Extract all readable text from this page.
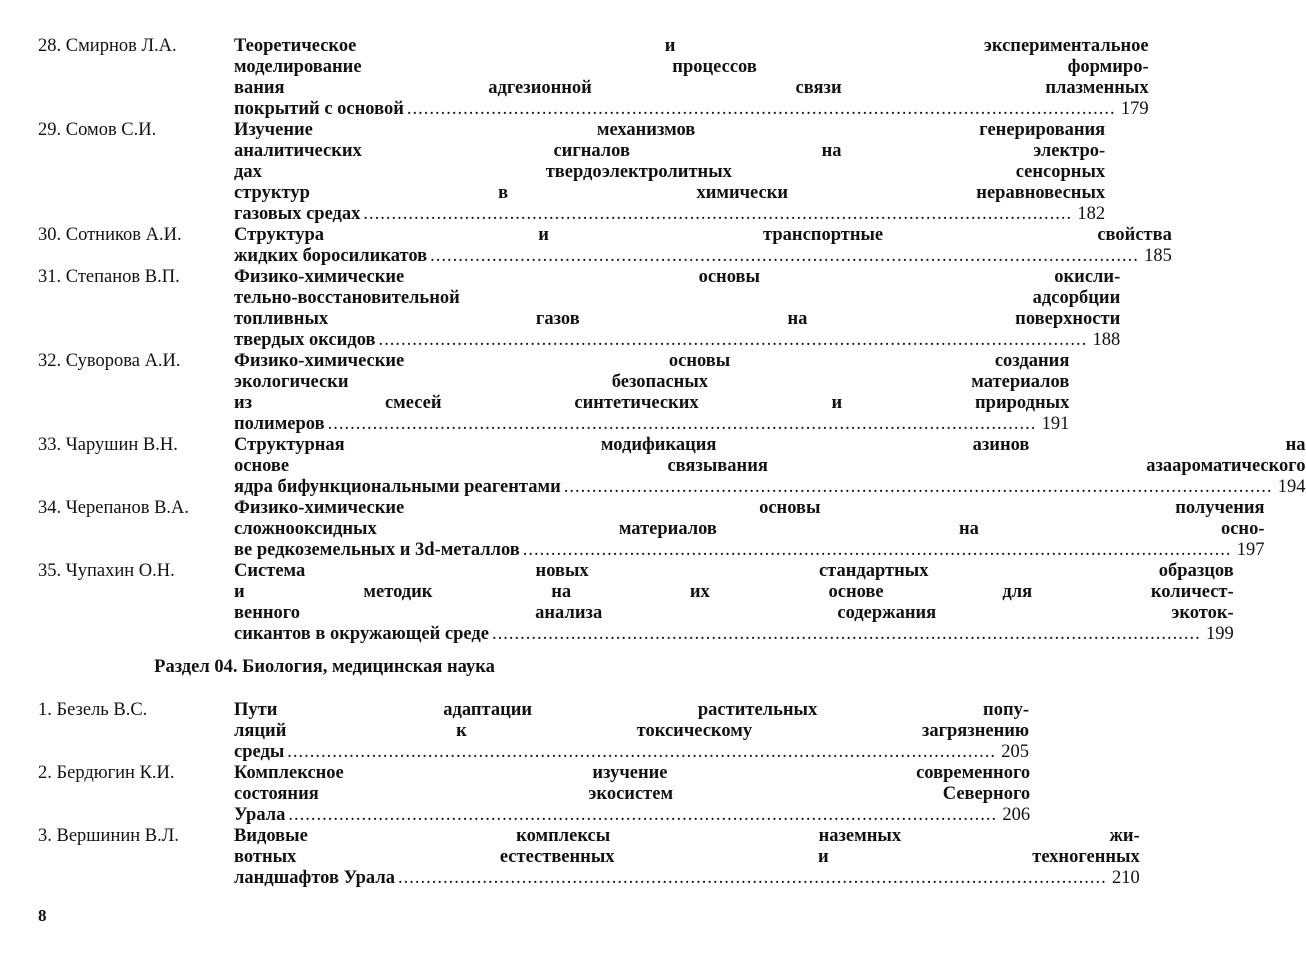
28. Смирнов Л.А.	Теоретическое и экспериментальное
моделирование процессов формиро-
вания адгезионной связи плазменных
покрытий с основой .....	179
29. Сомов С.И.	Изучение механизмов генерирования
аналитических сигналов на электро-
дах твердоэлектролитных сенсорных
структур в химически неравновесных
газовых средах .....	182
30. Сотников А.И.	Структура и транспортные свойства
жидких боросиликатов .....	185
31. Степанов В.П.	Физико-химические основы окисли-
тельно-восстановительной адсорбции
топливных газов на поверхности
твердых оксидов .....	188
32. Суворова А.И.	Физико-химические основы создания
экологически безопасных материалов
из смесей синтетических и природных
полимеров .....	191
33. Чарушин В.Н.	Структурная модификация азинов на
основе связывания азаароматического
ядра бифункциональными реагентами .....	194
34. Черепанов В.А.	Физико-химические основы получения
сложнооксидных материалов на осно-
ве редкоземельных и 3d-металлов .....	197
35. Чупахин О.Н.	Система новых стандартных образцов
и методик на их основе для количест-
венного анализа содержания экоток-
сикантов в окружающей среде .....	199
Раздел 04. Биология, медицинская наука
1. Безель В.С.	Пути адаптации растительных попу-
ляций к токсическому загрязнению
среды .....	205
2. Бердюгин К.И.	Комплексное изучение современного
состояния экосистем Северного
Урала .....	206
3. Вершинин В.Л.	Видовые комплексы наземных жи-
вотных естественных и техногенных
ландшафтов Урала .....	210
8
